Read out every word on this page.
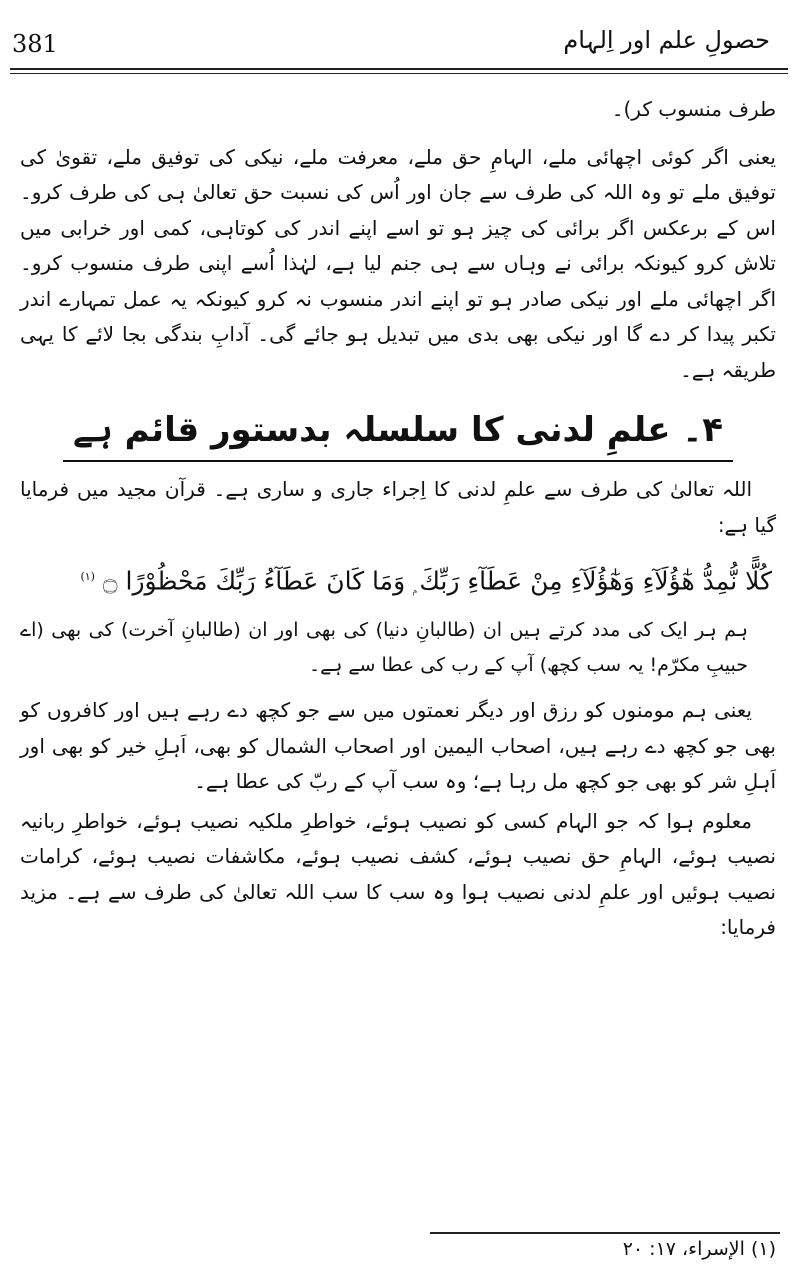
381	حصولِ علم اور اِلہام

طرف منسوب کر)۔

یعنی اگر کوئی اچھائی ملے، الہامِ حق ملے، معرفت ملے، نیکی کی توفیق ملے، تقویٰ کی توفیق ملے تو وہ اللہ کی طرف سے جان اور اُس کی نسبت حق تعالیٰ ہی کی طرف کرو۔ اس کے برعکس اگر برائی کی چیز ہو تو اسے اپنے اندر کی کوتاہی، کمی اور خرابی میں تلاش کرو کیونکہ برائی نے وہاں سے ہی جنم لیا ہے، لہٰذا اُسے اپنی طرف منسوب کرو۔ اگر اچھائی ملے اور نیکی صادر ہو تو اپنے اندر منسوب نہ کرو کیونکہ یہ عمل تمہارے اندر تکبر پیدا کر دے گا اور نیکی بھی بدی میں تبدیل ہو جائے گی۔ آدابِ بندگی بجا لائے کا یہی طریقہ ہے۔

۴۔ علمِ لدنی کا سلسلہ بدستور قائم ہے

اللہ تعالیٰ کی طرف سے علمِ لدنی کا اِجراء جاری و ساری ہے۔ قرآن مجید میں فرمایا گیا ہے:

كُلًّا نُّمِدُّ هٰٓؤُلَآءِ وَهٰٓؤُلَآءِ مِنْ عَطَآءِ رَبِّكَ ۭ وَمَا كَانَ عَطَآءُ رَبِّكَ مَحْظُوْرًا ۝ $^{(۱)}$

ہم ہر ایک کی مدد کرتے ہیں ان (طالبانِ دنیا) کی بھی اور ان (طالبانِ آخرت) کی بھی (اے حبیبِ مکرّم! یہ سب کچھ) آپ کے رب کی عطا سے ہے۔

یعنی ہم مومنوں کو رزق اور دیگر نعمتوں میں سے جو کچھ دے رہے ہیں اور کافروں کو بھی جو کچھ دے رہے ہیں، اصحاب الیمین اور اصحاب الشمال کو بھی، اَہلِ خیر کو بھی اور اَہلِ شر کو بھی جو کچھ مل رہا ہے؛ وہ سب آپ کے ربّ کی عطا ہے۔

معلوم ہوا کہ جو الہام کسی کو نصیب ہوئے، خواطرِ ملکیہ نصیب ہوئے، خواطرِ ربانیہ نصیب ہوئے، الہامِ حق نصیب ہوئے، کشف نصیب ہوئے، مکاشفات نصیب ہوئے، کرامات نصیب ہوئیں اور علمِ لدنی نصیب ہوا وہ سب کا سب اللہ تعالیٰ کی طرف سے ہے۔ مزید فرمایا:

(۱) الإسراء، ۱۷: ۲۰
